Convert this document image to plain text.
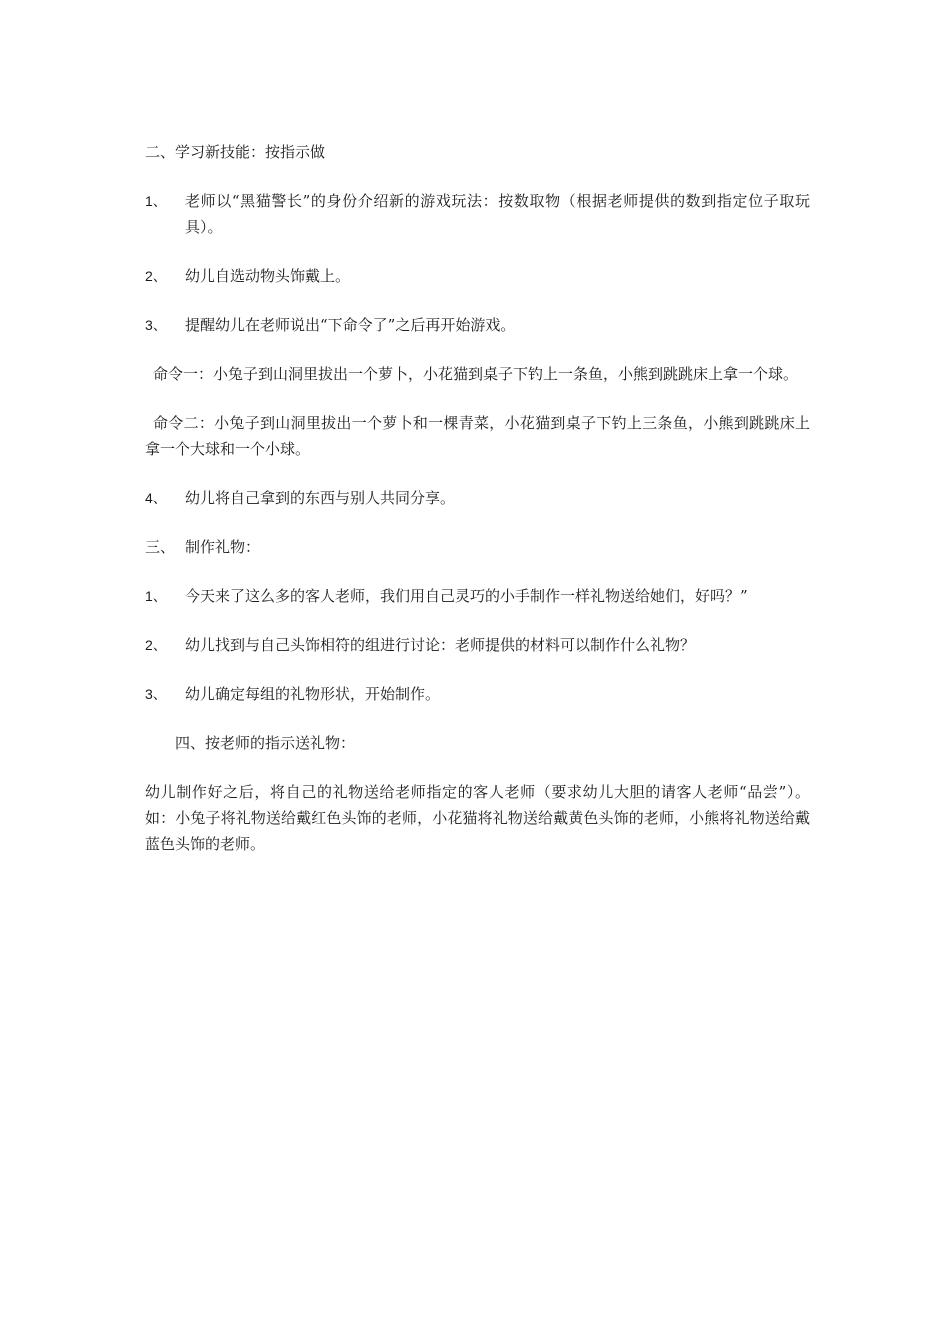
二、学习新技能：按指示做

1、	老师以“黑猫警长”的身份介绍新的游戏玩法：按数取物（根据老师提供的数到指定位子取玩具）。
2、	幼儿自选动物头饰戴上。
3、	提醒幼儿在老师说出“下命令了”之后再开始游戏。

命令一：小兔子到山洞里拔出一个萝卜，小花猫到桌子下钓上一条鱼，小熊到跳跳床上拿一个球。

命令二：小兔子到山洞里拔出一个萝卜和一棵青菜，小花猫到桌子下钓上三条鱼，小熊到跳跳床上拿一个大球和一个小球。

4、	幼儿将自己拿到的东西与别人共同分享。
三、 制作礼物：
1、	今天来了这么多的客人老师，我们用自己灵巧的小手制作一样礼物送给她们，好吗？”
2、	幼儿找到与自己头饰相符的组进行讨论：老师提供的材料可以制作什么礼物？
3、	幼儿确定每组的礼物形状，开始制作。

四、按老师的指示送礼物：

幼儿制作好之后，将自己的礼物送给老师指定的客人老师（要求幼儿大胆的请客人老师“品尝”）。如：小兔子将礼物送给戴红色头饰的老师，小花猫将礼物送给戴黄色头饰的老师，小熊将礼物送给戴蓝色头饰的老师。
